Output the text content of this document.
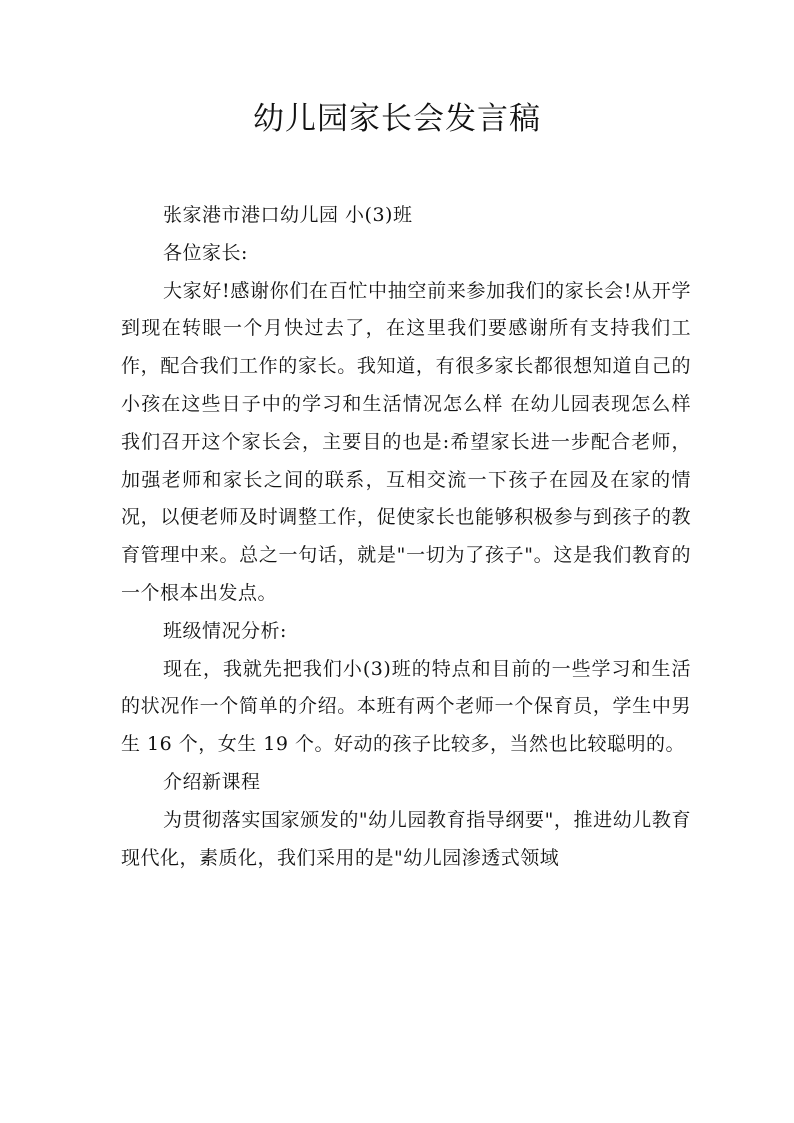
幼儿园家长会发言稿

张家港市港口幼儿园 小(3)班

各位家长:

大家好!感谢你们在百忙中抽空前来参加我们的家长会!从开学到现在转眼一个月快过去了，在这里我们要感谢所有支持我们工作，配合我们工作的家长。我知道，有很多家长都很想知道自己的小孩在这些日子中的学习和生活情况怎么样 在幼儿园表现怎么样 我们召开这个家长会，主要目的也是:希望家长进一步配合老师，加强老师和家长之间的联系，互相交流一下孩子在园及在家的情况，以便老师及时调整工作，促使家长也能够积极参与到孩子的教育管理中来。总之一句话，就是"一切为了孩子"。这是我们教育的一个根本出发点。

班级情况分析:

现在，我就先把我们小(3)班的特点和目前的一些学习和生活的状况作一个简单的介绍。本班有两个老师一个保育员，学生中男生 16 个，女生 19 个。好动的孩子比较多，当然也比较聪明的。

介绍新课程

为贯彻落实国家颁发的"幼儿园教育指导纲要"，推进幼儿教育现代化，素质化，我们采用的是"幼儿园渗透式领域
